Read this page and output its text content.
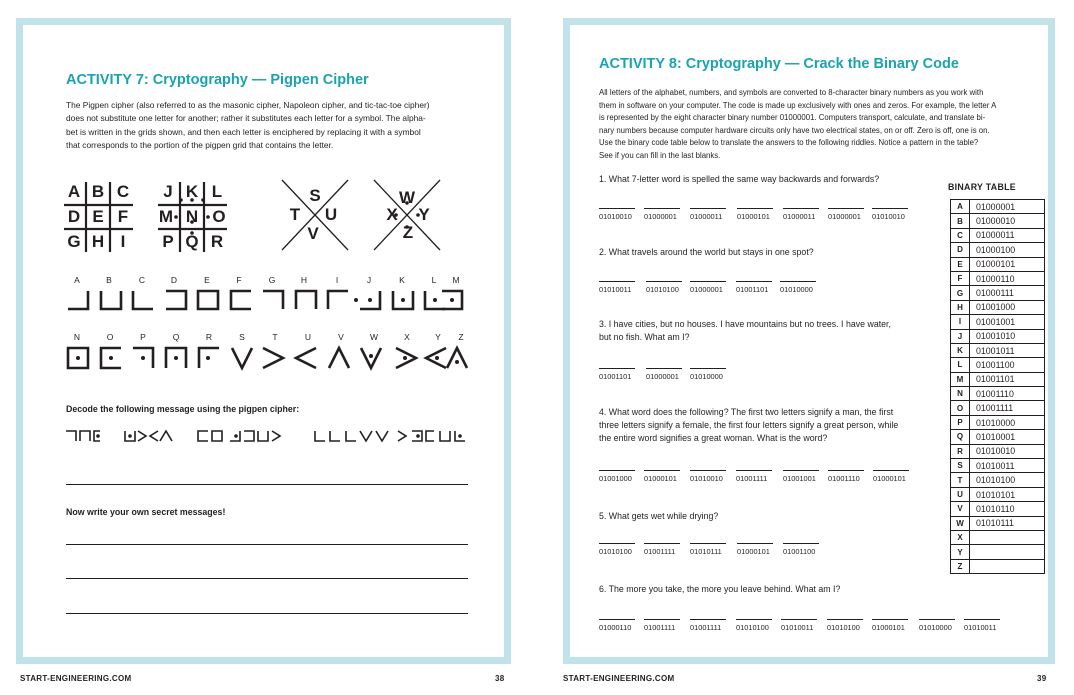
ACTIVITY 7: Cryptography — Pigpen Cipher
The Pigpen cipher (also referred to as the masonic cipher, Napoleon cipher, and tic-tac-toe cipher)
does not substitute one letter for another; rather it substitutes each letter for a symbol. The alpha-
bet is written in the grids shown, and then each letter is enciphered by replacing it with a symbol
that corresponds to the portion of the pigpen grid that contains the letter.
A B C
D E F
G H I
J K L
M N O
P Q R
S
T U
V
W
X Y
Z
A	B	C	D	E	F	G	H	I	J	K	L	M
N	O	P	Q	R	S	T	U	V	W	X	Y	Z
Decode the following message using the pigpen cipher:
Now write your own secret messages!
START-ENGINEERING.COM	38
ACTIVITY 8: Cryptography — Crack the Binary Code
All letters of the alphabet, numbers, and symbols are converted to 8-character binary numbers as you work with
them in software on your computer. The code is made up exclusively with ones and zeros. For example, the letter A
is represented by the eight character binary number 01000001. Computers transport, calculate, and translate bi-
nary numbers because computer hardware circuits only have two electrical states, on or off. Zero is off, one is on.
Use the binary code table below to translate the answers to the following riddles. Notice a pattern in the table?
See if you can fill in the last blanks.
1. What 7-letter word is spelled the same way backwards and forwards?
01010010 01000001 01000011 01000101 01000011 01000001 01010010
2. What travels around the world but stays in one spot?
01010011 01010100 01000001 01001101 01010000
3. I have cities, but no houses. I have mountains but no trees. I have water,
but no fish. What am I?
01001101 01000001 01010000
4. What word does the following? The first two letters signify a man, the first
three letters signify a female, the first four letters signify a great person, while
the entire word signifies a great woman. What is the word?
01001000 01000101 01010010 01001111 01001001 01001110 01000101
5. What gets wet while drying?
01010100 01001111 01010111 01000101 01001100
6. The more you take, the more you leave behind. What am I?
01000110 01001111 01001111 01010100 01010011 01010100 01000101 01010000 01010011
BINARY TABLE
A	01000001
B	01000010
C	01000011
D	01000100
E	01000101
F	01000110
G	01000111
H	01001000
I	01001001
J	01001010
K	01001011
L	01001100
M	01001101
N	01001110
O	01001111
P	01010000
Q	01010001
R	01010010
S	01010011
T	01010100
U	01010101
V	01010110
W	01010111
X	
Y	
Z	
START-ENGINEERING.COM	39
